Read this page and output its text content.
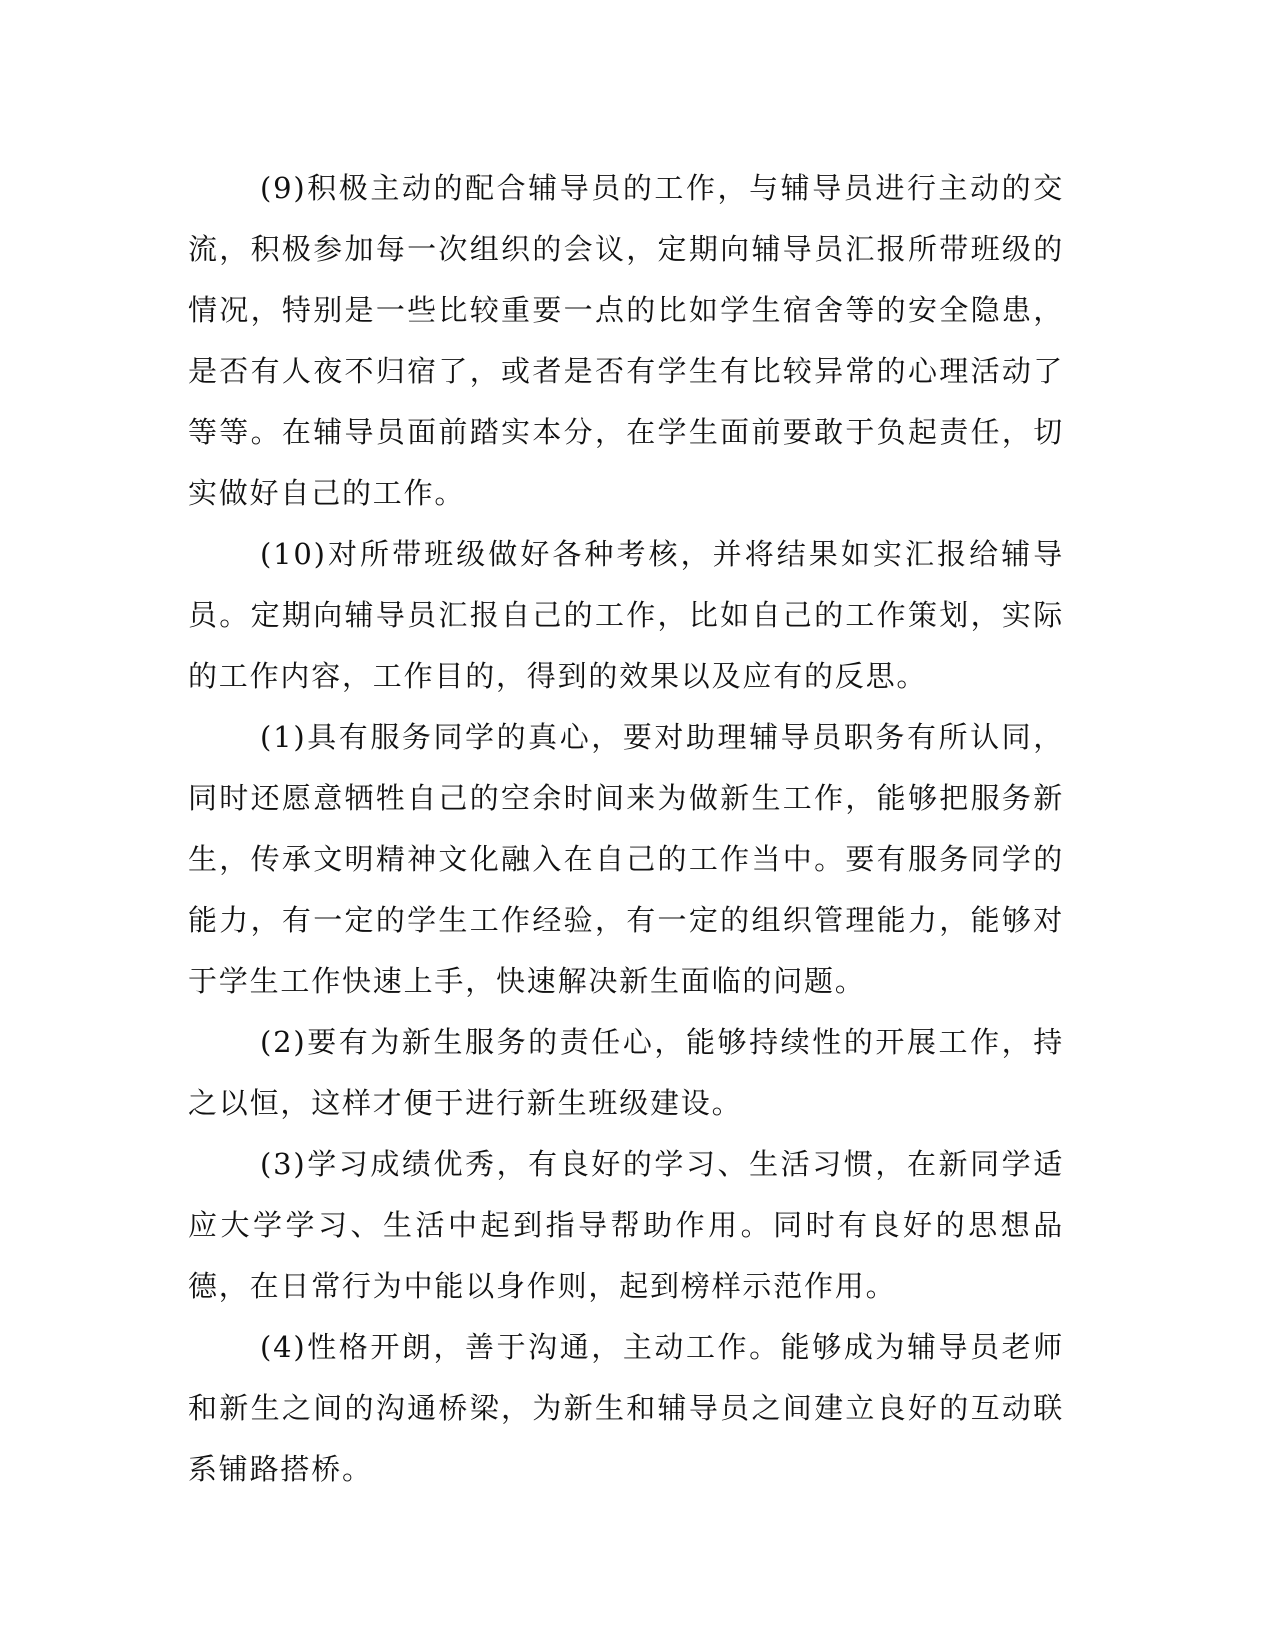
(9)积极主动的配合辅导员的工作，与辅导员进行主动的交流，积极参加每一次组织的会议，定期向辅导员汇报所带班级的情况，特别是一些比较重要一点的比如学生宿舍等的安全隐患，是否有人夜不归宿了，或者是否有学生有比较异常的心理活动了等等。在辅导员面前踏实本分，在学生面前要敢于负起责任，切实做好自己的工作。

(10)对所带班级做好各种考核，并将结果如实汇报给辅导员。定期向辅导员汇报自己的工作，比如自己的工作策划，实际的工作内容，工作目的，得到的效果以及应有的反思。

(1)具有服务同学的真心，要对助理辅导员职务有所认同，同时还愿意牺牲自己的空余时间来为做新生工作，能够把服务新生，传承文明精神文化融入在自己的工作当中。要有服务同学的能力，有一定的学生工作经验，有一定的组织管理能力，能够对于学生工作快速上手，快速解决新生面临的问题。

(2)要有为新生服务的责任心，能够持续性的开展工作，持之以恒，这样才便于进行新生班级建设。

(3)学习成绩优秀，有良好的学习、生活习惯，在新同学适应大学学习、生活中起到指导帮助作用。同时有良好的思想品德，在日常行为中能以身作则，起到榜样示范作用。

(4)性格开朗，善于沟通，主动工作。能够成为辅导员老师和新生之间的沟通桥梁，为新生和辅导员之间建立良好的互动联系铺路搭桥。
